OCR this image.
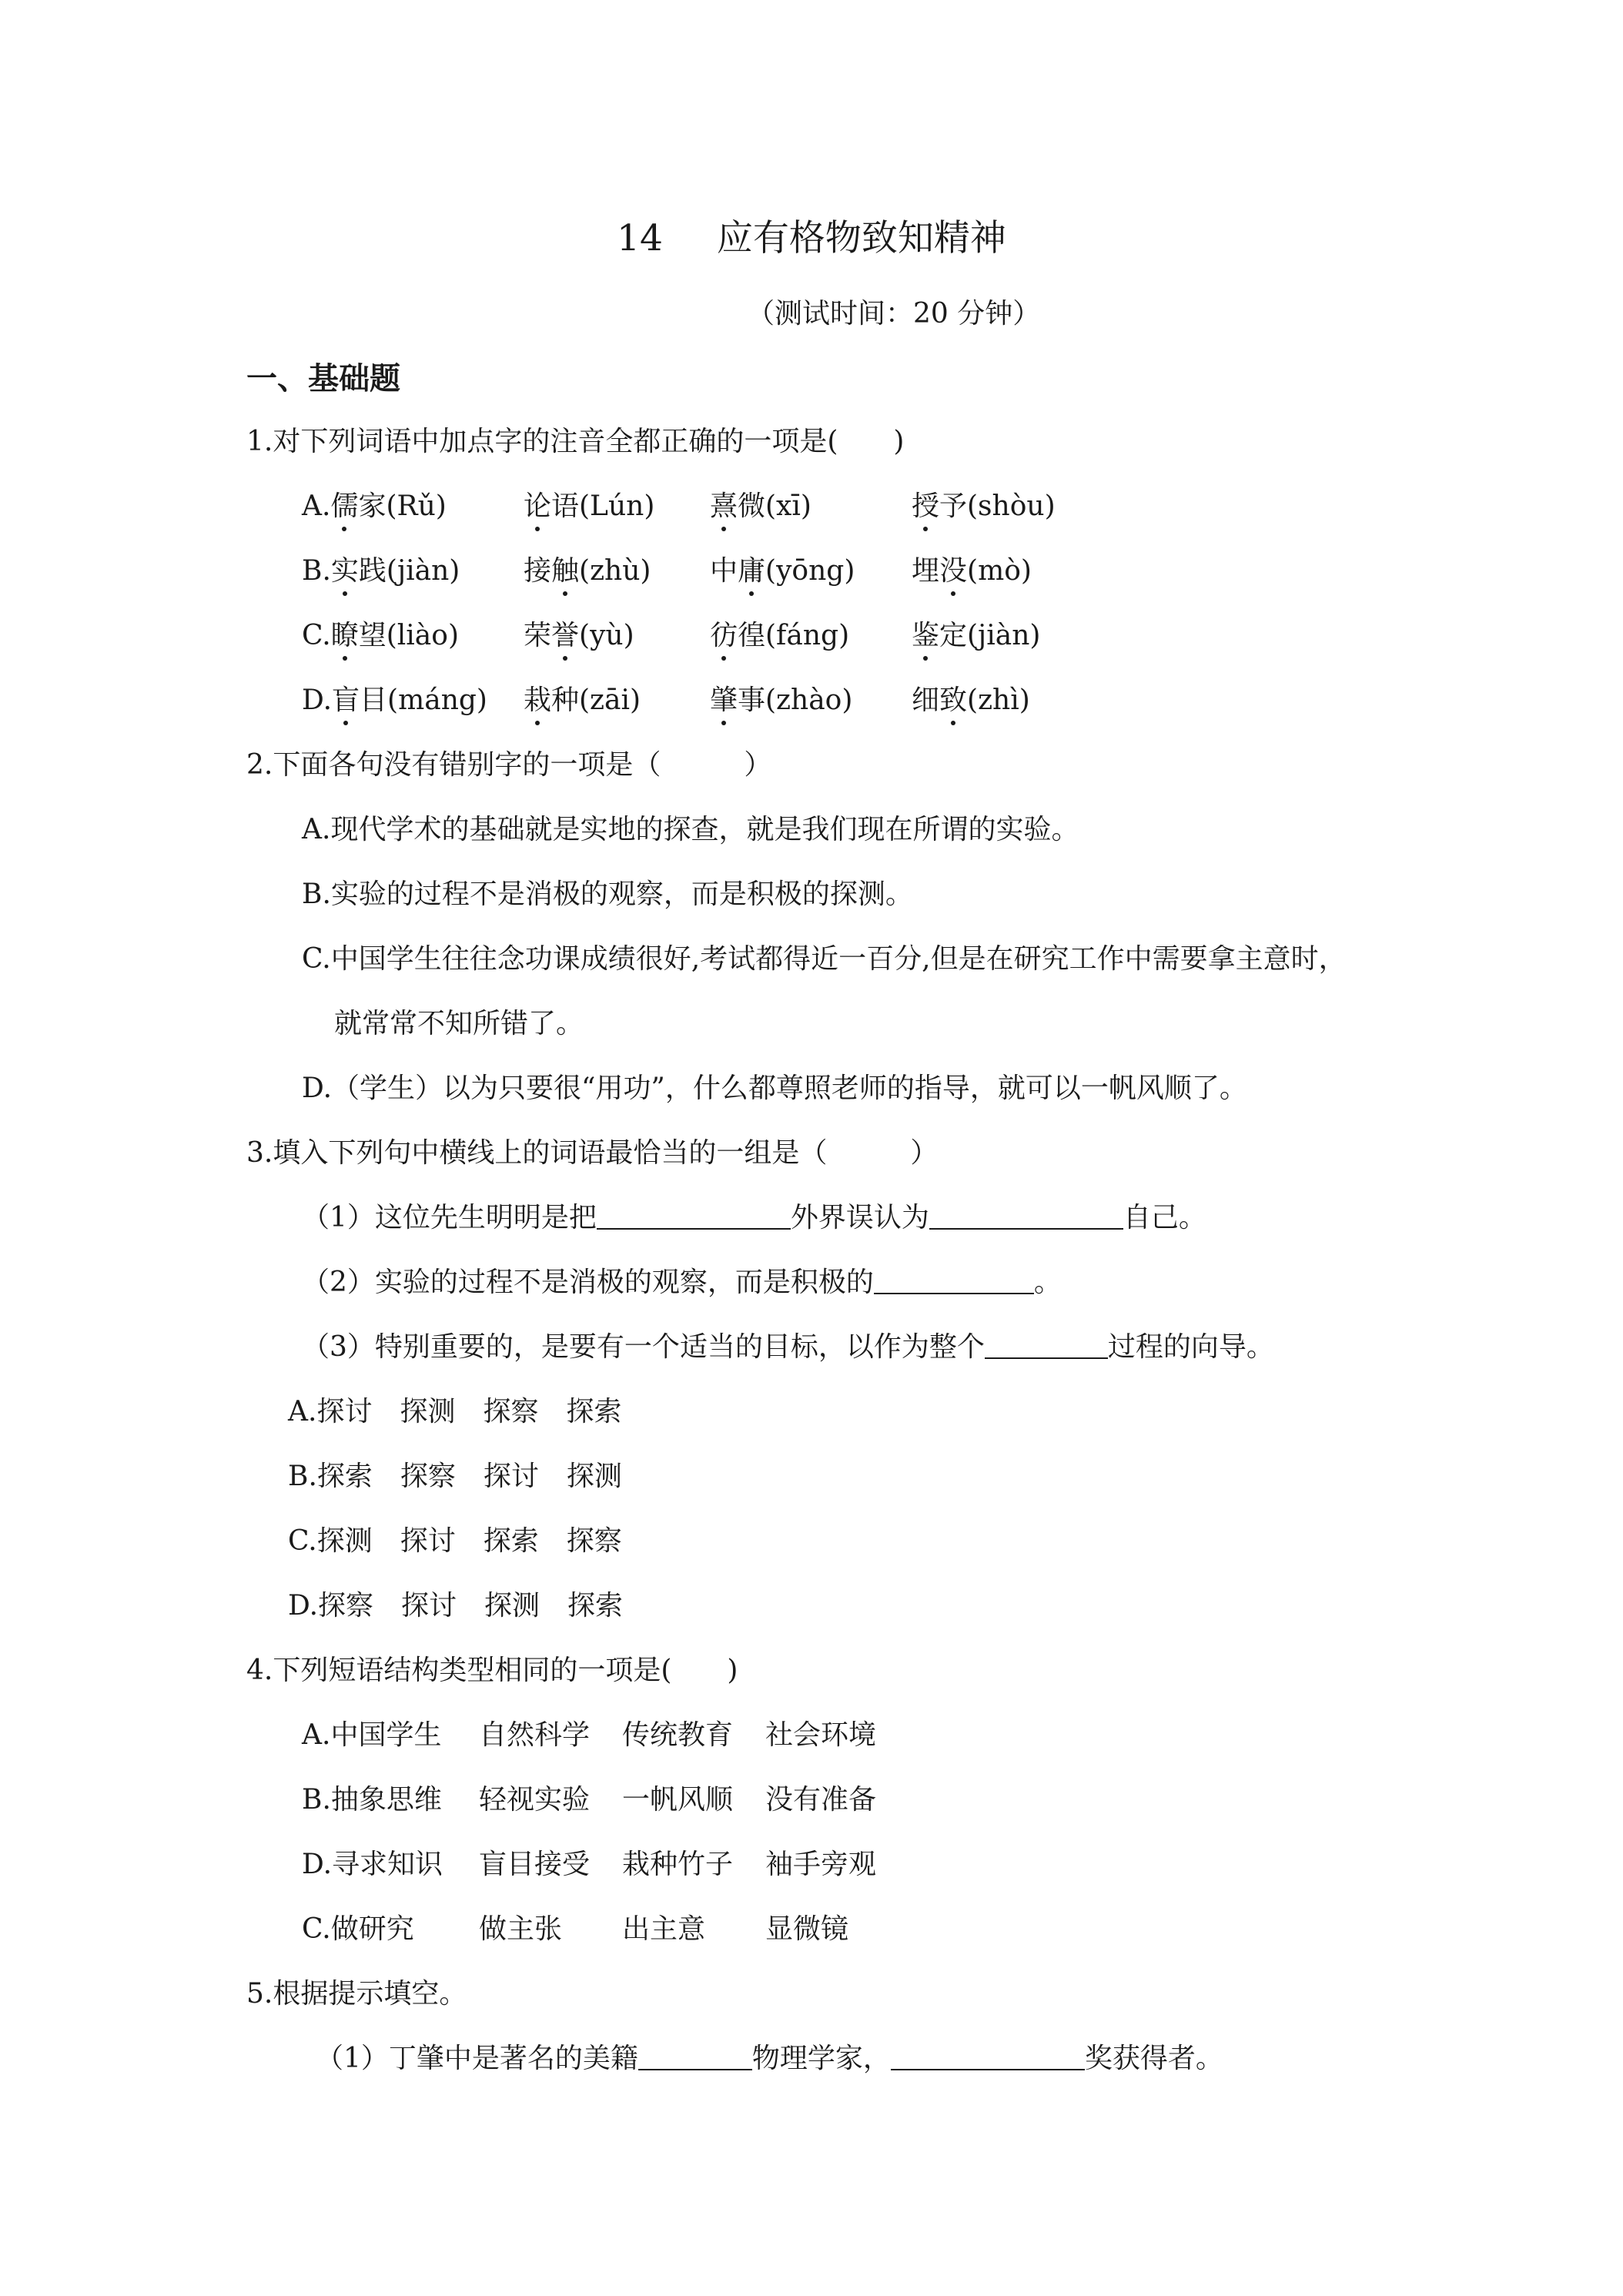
14 应有格物致知精神
（测试时间：20 分钟）
一、基础题
1.对下列词语中加点字的注音全都正确的一项是(　　)
A.儒家(Rǔ)	论语(Lún) 熹微(xī)	授予(shòu)
B.实践(jiàn) 接触(zhù) 中庸(yōng) 埋没(mò)
C.瞭望(liào) 荣誉(yù)	彷徨(fáng) 鉴定(jiàn)
D.盲目(máng) 栽种(zāi) 肇事(zhào) 细致(zhì)
2.下面各句没有错别字的一项是（　　　）
A.现代学术的基础就是实地的探查，就是我们现在所谓的实验。
B.实验的过程不是消极的观察，而是积极的探测。
C.中国学生往往念功课成绩很好,考试都得近一百分,但是在研究工作中需要拿主意时，
就常常不知所错了。
D.（学生）以为只要很“用功”，什么都尊照老师的指导，就可以一帆风顺了。
3.填入下列句中横线上的词语最恰当的一组是（　　　）
（1）这位先生明明是把	外界误认为	自己。
（2）实验的过程不是消极的观察，而是积极的	。
（3）特别重要的，是要有一个适当的目标，以作为整个	过程的向导。
A.探讨　探测　探察　探索
B.探索　探察　探讨　探测
C.探测　探讨　探索　探察
D.探察　探讨　探测　探索
4.下列短语结构类型相同的一项是(　　)
A.中国学生 自然科学 传统教育 社会环境
B.抽象思维 轻视实验 一帆风顺 没有准备
D.寻求知识 盲目接受 栽种竹子 袖手旁观
C.做研究 做主张 出主意 显微镜
5.根据提示填空。
（1）丁肇中是著名的美籍	物理学家，	奖获得者。
